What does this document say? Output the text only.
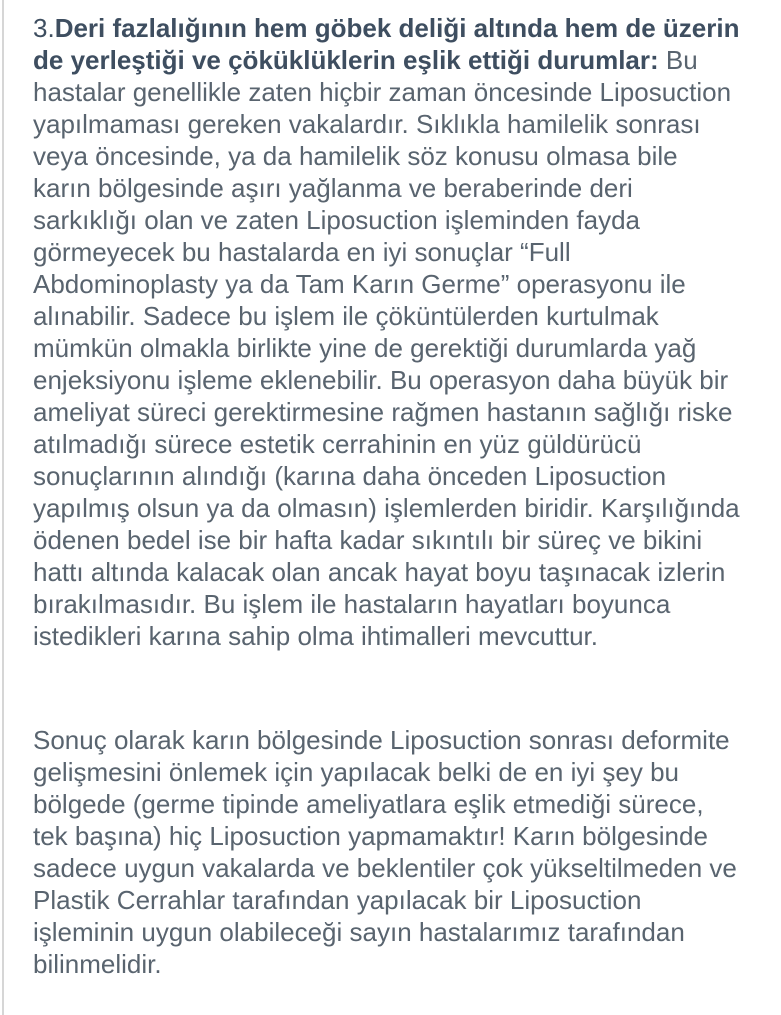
3.Deri fazlalığının hem göbek deliği altında hem de üzerin
de yerleştiği ve çöküklüklerin eşlik ettiği durumlar: Bu
hastalar genellikle zaten hiçbir zaman öncesinde Liposuction
yapılmaması gereken vakalardır. Sıklıkla hamilelik sonrası
veya öncesinde, ya da hamilelik söz konusu olmasa bile
karın bölgesinde aşırı yağlanma ve beraberinde deri
sarkıklığı olan ve zaten Liposuction işleminden fayda
görmeyecek bu hastalarda en iyi sonuçlar “Full
Abdominoplasty ya da Tam Karın Germe” operasyonu ile
alınabilir. Sadece bu işlem ile çöküntülerden kurtulmak
mümkün olmakla birlikte yine de gerektiği durumlarda yağ
enjeksiyonu işleme eklenebilir. Bu operasyon daha büyük bir
ameliyat süreci gerektirmesine rağmen hastanın sağlığı riske
atılmadığı sürece estetik cerrahinin en yüz güldürücü
sonuçlarının alındığı (karına daha önceden Liposuction
yapılmış olsun ya da olmasın) işlemlerden biridir. Karşılığında
ödenen bedel ise bir hafta kadar sıkıntılı bir süreç ve bikini
hattı altında kalacak olan ancak hayat boyu taşınacak izlerin
bırakılmasıdır. Bu işlem ile hastaların hayatları boyunca
istedikleri karına sahip olma ihtimalleri mevcuttur.
Sonuç olarak karın bölgesinde Liposuction sonrası deformite
gelişmesini önlemek için yapılacak belki de en iyi şey bu
bölgede (germe tipinde ameliyatlara eşlik etmediği sürece,
tek başına) hiç Liposuction yapmamaktır! Karın bölgesinde
sadece uygun vakalarda ve beklentiler çok yükseltilmeden ve
Plastik Cerrahlar tarafından yapılacak bir Liposuction
işleminin uygun olabileceği sayın hastalarımız tarafından
bilinmelidir.
